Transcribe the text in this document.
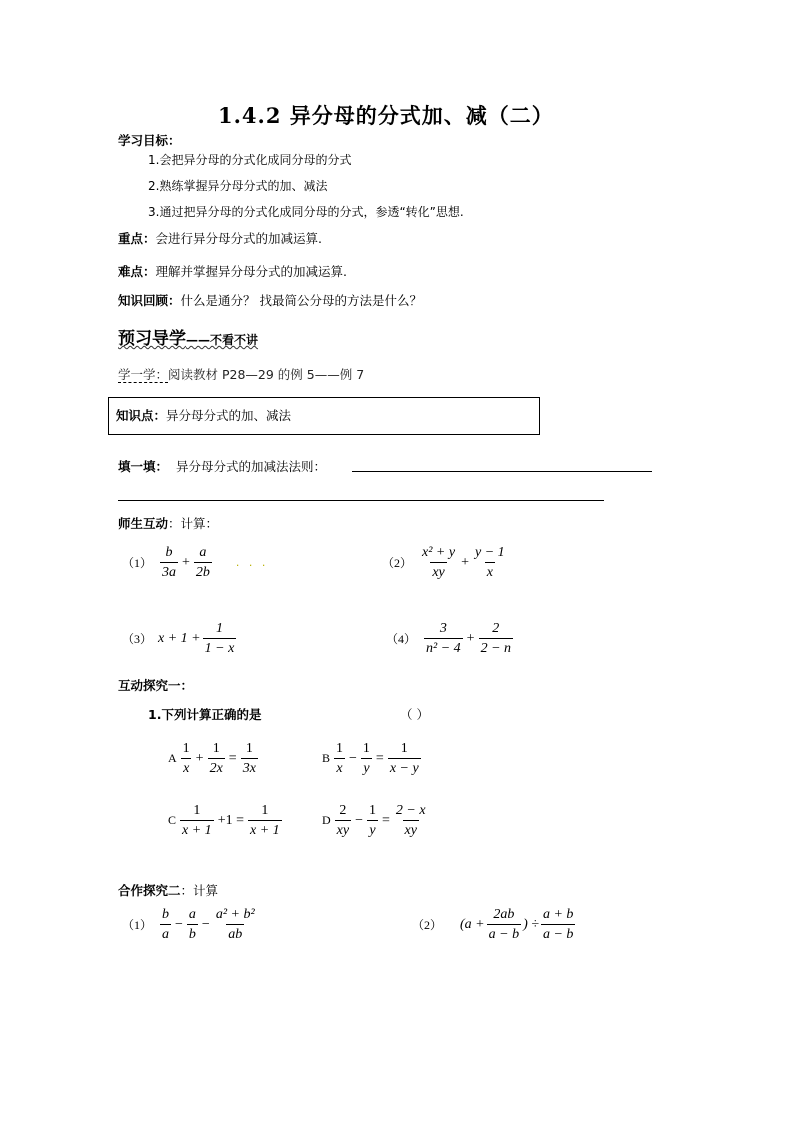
1.4.2 异分母的分式加、减（二）
学习目标：
1.会把异分母的分式化成同分母的分式
2.熟练掌握异分母分式的加、减法
3.通过把异分母的分式化成同分母的分式，参透“转化”思想.
重点：会进行异分母分式的加减运算.
难点：理解并掌握异分母分式的加减运算.
知识回顾：什么是通分？ 找最简公分母的方法是什么？
预习导学——不看不讲
学一学：阅读教材 P28—29 的例 5——例 7
知识点：异分母分式的加、减法
填一填： 异分母分式的加减法法则：
师生互动：计算：
$(1) \frac{b}{3a} + \frac{a}{2b}$ . . .	$(2) \frac{\text{x² + y}}{xy} + \frac{y - 1}{x}$
（3） $x + 1 + \frac{1}{1 - x}$	$(4) \frac{3}{\text{n² − 4}} + \frac{2}{2 - n}$
互动探究一：
1.下列计算正确的是	（ ）
A $\frac{1}{x} + \frac{1}{2x} = \frac{1}{3x}$	B $\frac{1}{x} - \frac{1}{y} = \frac{1}{x - y}$
C $\frac{1}{x + 1} +1 = \frac{1}{x + 1}$	D $\frac{2}{xy} - \frac{1}{y} = \frac{2 - x}{xy}$
合作探究二：计算
$(1) \frac{b}{a} - \frac{a}{b} - \frac{\text{a² + b²}}{ab}$	（2） ($a + \frac{2ab}{a - b}$ ) ÷ $\frac{a + b}{a - b}$
